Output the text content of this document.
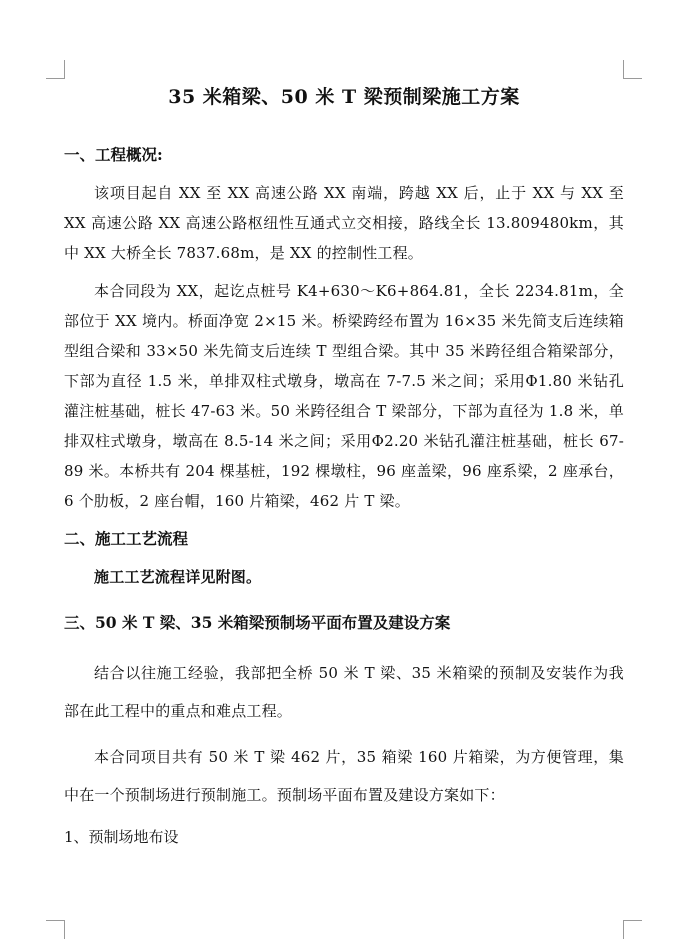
35 米箱梁、50 米 T 梁预制梁施工方案
一、工程概况:

该项目起自 XX 至 XX 高速公路 XX 南端，跨越 XX 后，止于 XX 与 XX 至 XX 高速公路 XX 高速公路枢纽性互通式立交相接，路线全长 13.809480km，其中 XX 大桥全长 7837.68m，是 XX 的控制性工程。

本合同段为 XX，起讫点桩号 K4+630～K6+864.81，全长 2234.81m，全部位于 XX 境内。桥面净宽 2×15 米。桥梁跨经布置为 16×35 米先简支后连续箱型组合梁和 33×50 米先简支后连续 T 型组合梁。其中 35 米跨径组合箱梁部分，下部为直径 1.5 米，单排双柱式墩身，墩高在 7-7.5 米之间；采用Φ1.80 米钻孔灌注桩基础，桩长 47-63 米。50 米跨径组合 T 梁部分，下部为直径为 1.8 米，单排双柱式墩身，墩高在 8.5-14 米之间；采用Φ2.20 米钻孔灌注桩基础，桩长 67-89 米。本桥共有 204 棵基桩，192 棵墩柱，96 座盖梁，96 座系梁，2 座承台，6 个肋板，2 座台帽，160 片箱梁，462 片 T 梁。

二、施工工艺流程

施工工艺流程详见附图。

三、50 米 T 梁、35 米箱梁预制场平面布置及建设方案

结合以往施工经验，我部把全桥 50 米 T 梁、35 米箱梁的预制及安装作为我部在此工程中的重点和难点工程。

本合同项目共有 50 米 T 梁 462 片，35 箱梁 160 片箱梁，为方便管理，集中在一个预制场进行预制施工。预制场平面布置及建设方案如下：

1、预制场地布设
